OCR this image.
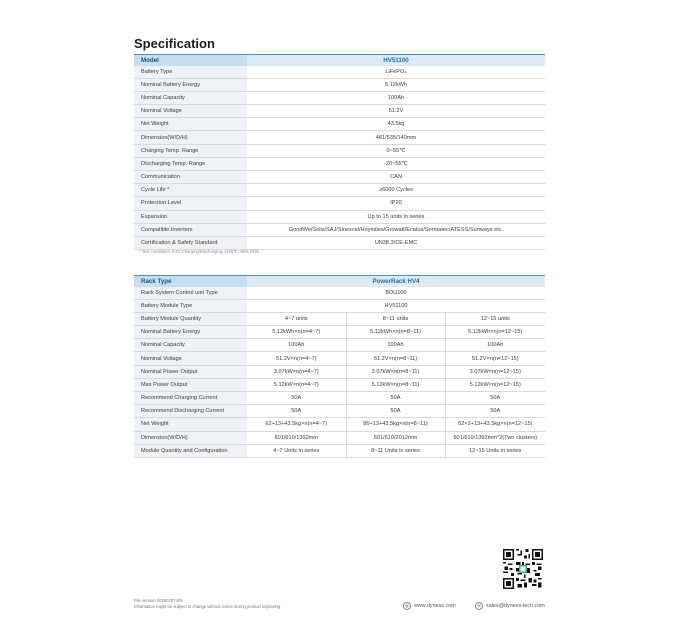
Specification
Model	HV51100
Battery Type	LiFePO₄
Nominal Battery Energy	5.12kWh
Nominal Capacity	100Ah
Nominal Voltage	51.2V
Net Weight	43.5kg
Dimension(W/D/H)	481/535/140mm
Charging Temp. Range	0~55℃
Discharging Temp. Range	-20~55℃
Communication	CAN
Cycle Life *	≥6000 Cycles
Protection Level	IP20
Expansion	Up to 15 units in series
Compatible Inverters	GoodWe/Solis/SAJ/Sinexcel/Hoymiles/Growatt/Ecatus/Sermatec/ATESS/Sunways etc.
Certification & Safety Standard	UN38.3/CE-EMC
* Test conditions: 0.2C Charging/Discharging, @25℃, 95% DOD
Rack Type	PowerRack HV4		
Rack System Control unit Type	BDU100		
Battery Module Type	HV51100		
Battery Module Quantity	4~7 units	8~11 units	12~15 units
Nominal Battery Energy	5.12kWh×n(n=4~7)	5.12kWh×n(n=8~11)	5.12kWh×n(n=12~15)
Nominal Capacity	100Ah	100Ah	100Ah
Nominal Voltage	51.2V×n(n=4~7)	51.2V×n(n=8~11)	51.2V×n(n=12~15)
Nominal Power Output	3.07kW×n(n=4~7)	3.07kW×n(n=8~11)	3.07kW×n(n=12~15)
Max Power Output	5.12kW×n(n=4~7)	5.12kW×n(n=8~11)	5.12kW×n(n=12~15)
Recommend Charging Current	50A	50A	50A
Recommend Discharging Current	50A	50A	50A
Net Weight	62+13+43.5kg×n(n=4~7)	86+13+43.5kg×n(n=8~11)	62×2+13+43.5kg×n(n=12~15)
Dimension(W/D/H)	601/610/1392mm	601/610/2012mm	601/610/1392mm*2(Two clusters)
Module Quantity and Configuration	4~7 Units in series	8~11 Units in series	12~15 Units in series
File version-20250207-EN
Information might be subject to change without notice during product improving.	◍ www.dyness.com	✉ sales@dyness-tech.com
